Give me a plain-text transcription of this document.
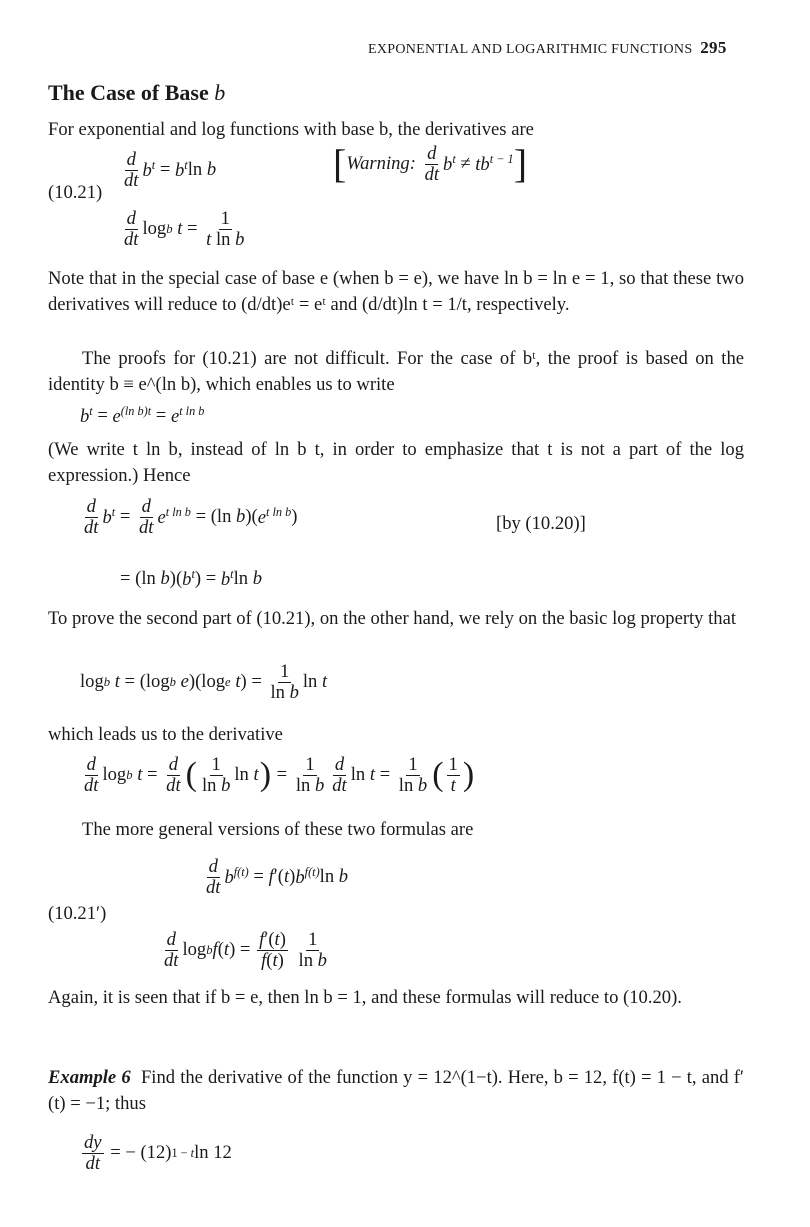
EXPONENTIAL AND LOGARITHMIC FUNCTIONS 295
The Case of Base b
For exponential and log functions with base b, the derivatives are
(10.21)
$\frac{d}{dt} b^t = b^t$ ln b	[ Warning:
$\frac{d}{dt} b^t \ne tb^{t - 1}$ ]
$\frac{d}{dt}$ log b
$t = \frac{1}{\text{t ln b}}$
Note that in the special case of base e (when b = e), we have ln b = ln e = 1, so that these two derivatives will reduce to (d/dt)eᵗ = eᵗ and (d/dt)ln t = 1/t, respectively.
The proofs for (10.21) are not difficult. For the case of bᵗ, the proof is based on the identity b ≡ e^(ln b), which enables us to write
$b^t = e^{(ln b)t} = e^{t ln b}$
(We write t ln b, instead of ln b t, in order to emphasize that t is not a part of the log expression.) Hence
$\frac{d}{dt} b^t = \frac{d}{dt} e^{t ln b} = (\ln$ b )( $e^{t ln b}$ )	[by (10.20)]
= (ln b )( $b^t$ ) = $b^t$ ln b
To prove the second part of (10.21), on the other hand, we rely on the basic log property that
log b
t = (log b
e )(log e
t ) = $\frac{1}{\text{ln b}}$ ln t
which leads us to the derivative
$\frac{d}{dt}$ log b
$t = \frac{d}{dt}$ ( $\frac{1}{\text{ln b}}$ ln t ) = $\frac{1}{\text{ln b}} \frac{d}{dt}$ $\ln t = \frac{1}{\text{ln b}}$ ( $\frac{1}{t}$ )
The more general versions of these two formulas are
(10.21′)
$\frac{d}{dt} b^{f(t)} = f$ ′( t ) $b^{f(t)}$ ln b
$\frac{d}{dt}$ log b f ( t ) = $\frac{f'(t)}{f(t)}$
$\frac{1}{\text{ln b}}$
Again, it is seen that if b = e, then ln b = 1, and these formulas will reduce to (10.20).
Example 6 Find the derivative of the function y = 12^(1−t). Here, b = 12, f(t) = 1 − t, and f′(t) = −1; thus
$\frac{dy}{dt}$ = − (12) 1 − t ln 12
